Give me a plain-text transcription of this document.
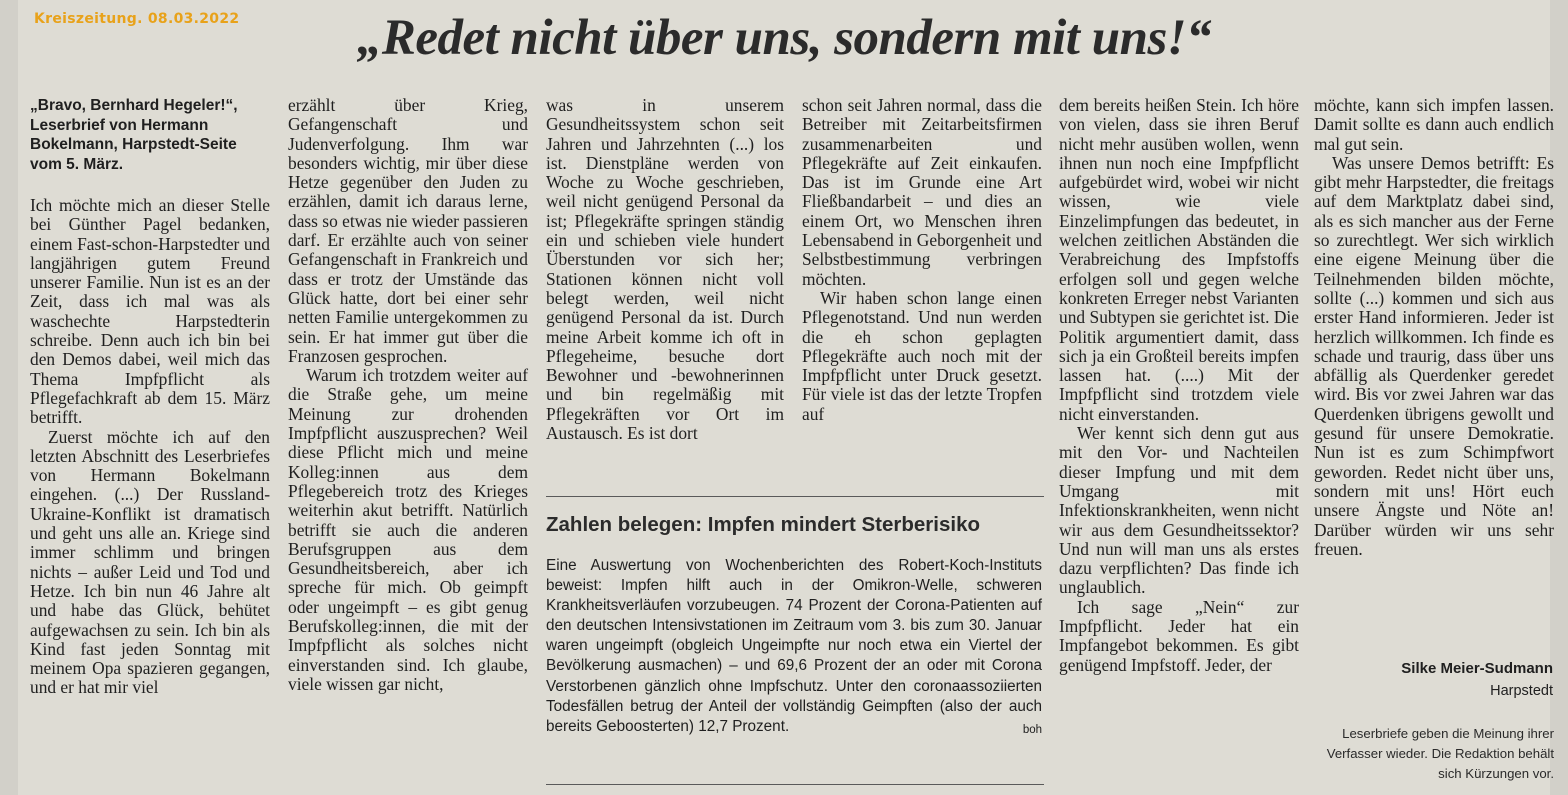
Kreiszeitung. 08.03.2022	„Redet nicht über uns, sondern mit uns!“

„Bravo, Bernhard Hegeler!“, Leserbrief von Hermann Bokelmann, Harpstedt-Seite vom 5. März.

Ich möchte mich an dieser Stelle bei Günther Pagel bedanken, einem Fast-schon-Harpstedter und langjährigen gutem Freund unserer Familie. Nun ist es an der Zeit, dass ich mal was als waschechte Harpstedterin schreibe. Denn auch ich bin bei den Demos dabei, weil mich das Thema Impfpflicht als Pflegefachkraft ab dem 15. März betrifft.

Zuerst möchte ich auf den letzten Abschnitt des Leserbriefes von Hermann Bokelmann eingehen. (...) Der Russland-Ukraine-Konflikt ist dramatisch und geht uns alle an. Kriege sind immer schlimm und bringen nichts – außer Leid und Tod und Hetze. Ich bin nun 46 Jahre alt und habe das Glück, behütet aufgewachsen zu sein. Ich bin als Kind fast jeden Sonntag mit meinem Opa spazieren gegangen, und er hat mir viel

erzählt über Krieg, Gefangenschaft und Judenverfolgung. Ihm war besonders wichtig, mir über diese Hetze gegenüber den Juden zu erzählen, damit ich daraus lerne, dass so etwas nie wieder passieren darf. Er erzählte auch von seiner Gefangenschaft in Frankreich und dass er trotz der Umstände das Glück hatte, dort bei einer sehr netten Familie untergekommen zu sein. Er hat immer gut über die Franzosen gesprochen.

Warum ich trotzdem weiter auf die Straße gehe, um meine Meinung zur drohenden Impfpflicht auszusprechen? Weil diese Pflicht mich und meine Kolleg:innen aus dem Pflegebereich trotz des Krieges weiterhin akut betrifft. Natürlich betrifft sie auch die anderen Berufsgruppen aus dem Gesundheitsbereich, aber ich spreche für mich. Ob geimpft oder ungeimpft – es gibt genug Berufskolleg:innen, die mit der Impfpflicht als solches nicht einverstanden sind. Ich glaube, viele wissen gar nicht,

was in unserem Gesundheitssystem schon seit Jahren und Jahrzehnten (...) los ist. Dienstpläne werden von Woche zu Woche geschrieben, weil nicht genügend Personal da ist; Pflegekräfte springen ständig ein und schieben viele hundert Überstunden vor sich her; Stationen können nicht voll belegt werden, weil nicht genügend Personal da ist. Durch meine Arbeit komme ich oft in Pflegeheime, besuche dort Bewohner und -bewohnerinnen und bin regelmäßig mit Pflegekräften vor Ort im Austausch. Es ist dort

schon seit Jahren normal, dass die Betreiber mit Zeitarbeitsfirmen zusammenarbeiten und Pflegekräfte auf Zeit einkaufen. Das ist im Grunde eine Art Fließbandarbeit – und dies an einem Ort, wo Menschen ihren Lebensabend in Geborgenheit und Selbstbestimmung verbringen möchten.

Wir haben schon lange einen Pflegenotstand. Und nun werden die eh schon geplagten Pflegekräfte auch noch mit der Impfpflicht unter Druck gesetzt. Für viele ist das der letzte Tropfen auf

dem bereits heißen Stein. Ich höre von vielen, dass sie ihren Beruf nicht mehr ausüben wollen, wenn ihnen nun noch eine Impfpflicht aufgebürdet wird, wobei wir nicht wissen, wie viele Einzelimpfungen das bedeutet, in welchen zeitlichen Abständen die Verabreichung des Impfstoffs erfolgen soll und gegen welche konkreten Erreger nebst Varianten und Subtypen sie gerichtet ist. Die Politik argumentiert damit, dass sich ja ein Großteil bereits impfen lassen hat. (....) Mit der Impfpflicht sind trotzdem viele nicht einverstanden.

Wer kennt sich denn gut aus mit den Vor- und Nachteilen dieser Impfung und mit dem Umgang mit Infektionskrankheiten, wenn nicht wir aus dem Gesundheitssektor? Und nun will man uns als erstes dazu verpflichten? Das finde ich unglaublich.

Ich sage „Nein“ zur Impfpflicht. Jeder hat ein Impfangebot bekommen. Es gibt genügend Impfstoff. Jeder, der

möchte, kann sich impfen lassen. Damit sollte es dann auch endlich mal gut sein.

Was unsere Demos betrifft: Es gibt mehr Harpstedter, die freitags auf dem Marktplatz dabei sind, als es sich mancher aus der Ferne so zurechtlegt. Wer sich wirklich eine eigene Meinung über die Teilnehmenden bilden möchte, sollte (...) kommen und sich aus erster Hand informieren. Jeder ist herzlich willkommen. Ich finde es schade und traurig, dass über uns abfällig als Querdenker geredet wird. Bis vor zwei Jahren war das Querdenken übrigens gewollt und gesund für unsere Demokratie. Nun ist es zum Schimpfwort geworden. Redet nicht über uns, sondern mit uns! Hört euch unsere Ängste und Nöte an! Darüber würden wir uns sehr freuen.

Zahlen belegen: Impfen mindert Sterberisiko
Eine Auswertung von Wochenberichten des Robert-Koch-Instituts beweist: Impfen hilft auch in der Omikron-Welle, schweren Krankheitsverläufen vorzubeugen. 74 Prozent der Corona-Patienten auf den deutschen Intensivstationen im Zeitraum vom 3. bis zum 30. Januar waren ungeimpft (obgleich Ungeimpfte nur noch etwa ein Viertel der Bevölkerung ausmachen) – und 69,6 Prozent der an oder mit Corona Verstorbenen gänzlich ohne Impfschutz. Unter den coronaassoziierten Todesfällen betrug der Anteil der vollständig Geimpften (also der auch bereits Geboosterten) 12,7 Prozent.	boh
Silke Meier-Sudmann
Harpstedt
Leserbriefe geben die Meinung ihrer Verfasser wieder. Die Redaktion behält sich Kürzungen vor.
